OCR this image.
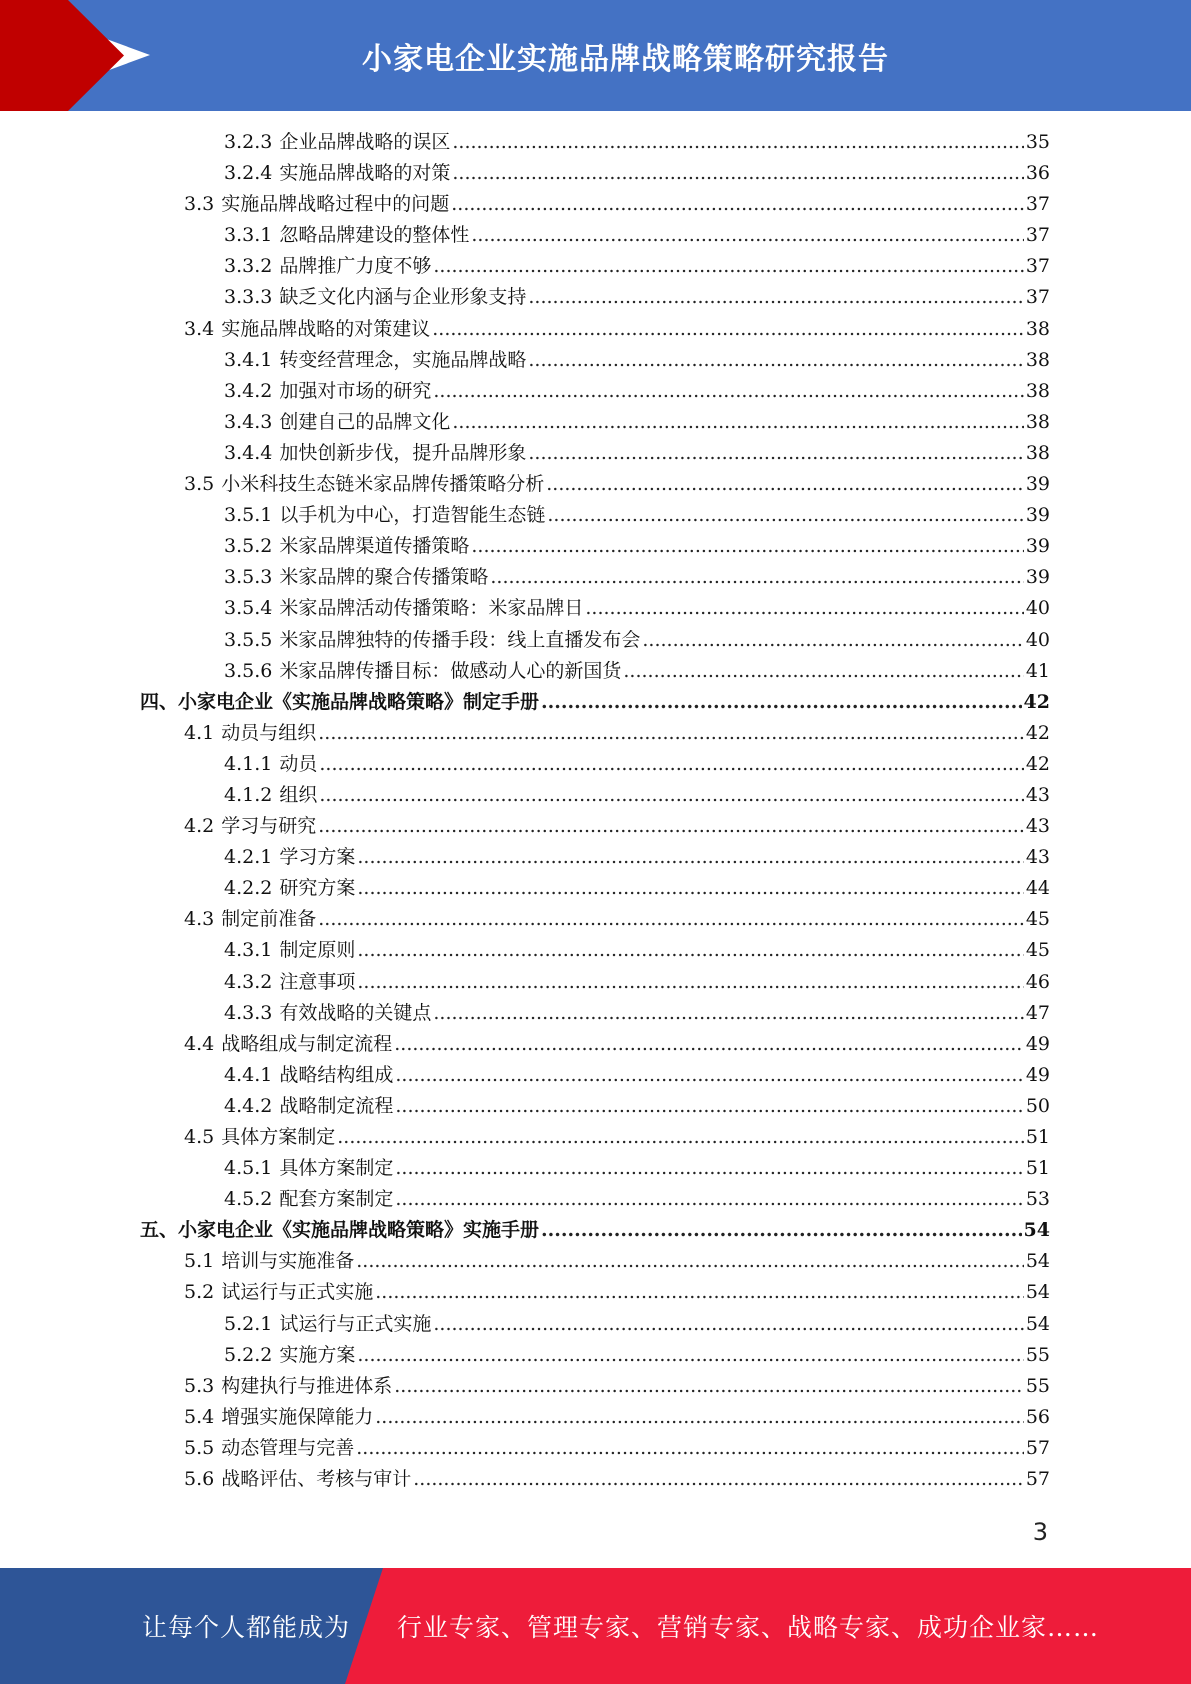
小家电企业实施品牌战略策略研究报告
3.2.3 企业品牌战略的误区 .....	35
3.2.4 实施品牌战略的对策 .....	36
3.3 实施品牌战略过程中的问题 .....	37
3.3.1 忽略品牌建设的整体性 .....	37
3.3.2 品牌推广力度不够 .....	37
3.3.3 缺乏文化内涵与企业形象支持 .....	37
3.4 实施品牌战略的对策建议 .....	38
3.4.1 转变经营理念，实施品牌战略 .....	38
3.4.2 加强对市场的研究 .....	38
3.4.3 创建自己的品牌文化 .....	38
3.4.4 加快创新步伐，提升品牌形象 .....	38
3.5 小米科技生态链米家品牌传播策略分析 .....	39
3.5.1 以手机为中心，打造智能生态链 .....	39
3.5.2 米家品牌渠道传播策略 .....	39
3.5.3 米家品牌的聚合传播策略 .....	39
3.5.4 米家品牌活动传播策略：米家品牌日 .....	40
3.5.5 米家品牌独特的传播手段：线上直播发布会 .....	40
3.5.6 米家品牌传播目标：做感动人心的新国货 .....	41
四、小家电企业《实施品牌战略策略》制定手册 .....	42
4.1 动员与组织 .....	42
4.1.1 动员 .....	42
4.1.2 组织 .....	43
4.2 学习与研究 .....	43
4.2.1 学习方案 .....	43
4.2.2 研究方案 .....	44
4.3 制定前准备 .....	45
4.3.1 制定原则 .....	45
4.3.2 注意事项 .....	46
4.3.3 有效战略的关键点 .....	47
4.4 战略组成与制定流程 .....	49
4.4.1 战略结构组成 .....	49
4.4.2 战略制定流程 .....	50
4.5 具体方案制定 .....	51
4.5.1 具体方案制定 .....	51
4.5.2 配套方案制定 .....	53
五、小家电企业《实施品牌战略策略》实施手册 .....	54
5.1 培训与实施准备 .....	54
5.2 试运行与正式实施 .....	54
5.2.1 试运行与正式实施 .....	54
5.2.2 实施方案 .....	55
5.3 构建执行与推进体系 .....	55
5.4 增强实施保障能力 .....	56
5.5 动态管理与完善 .....	57
5.6 战略评估、考核与审计 .....	57
3
让每个人都能成为 行业专家、管理专家、营销专家、战略专家、成功企业家……
